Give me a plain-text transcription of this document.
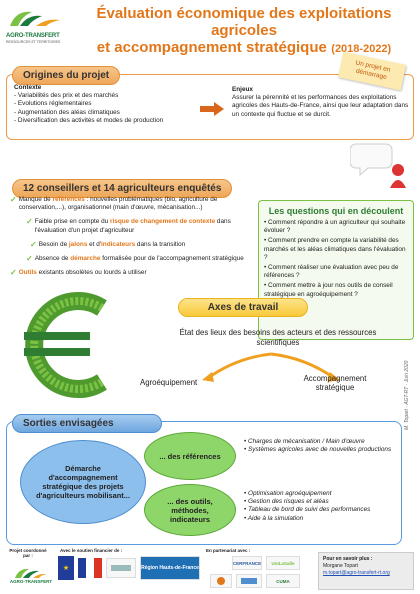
AGRO-TRANSFERT
RESSOURCES ET TERRITOIRES
Évaluation économique des exploitations agricoles
et accompagnement stratégique (2018-2022)
Origines du projet
Un projet en démarrage
Contexte
- Variabilités des prix et des marchés
- Evolutions réglementaires
- Augmentation des aléas climatiques
- Diversification des activités et modes de production
Enjeux
Assurer la pérennité et les performances des exploitations agricoles des Hauts-de-France, ainsi que leur adaptation dans un contexte qui fluctue et se durcit.
12 conseillers et 14 agriculteurs enquêtés
✓ Manque de références : nouvelles problématiques (bio, agriculture de conservation,...), organisationnel (main d'œuvre, mécanisation...)
✓ Faible prise en compte du risque de changement de contexte dans l'évaluation d'un projet d'agriculteur
✓ Besoin de jalons et d'indicateurs dans la transition
✓ Absence de démarche formalisée pour de l'accompagnement stratégique
✓ Outils existants obsolètes ou lourds à utiliser
Les questions qui en découlent
• Comment répondre à un agriculteur qui souhaite évoluer ?
• Comment prendre en compte la variabilité des marchés et les aléas climatiques dans l'évaluation ?
• Comment réaliser une évaluation avec peu de références ?
• Comment mettre à jour nos outils de conseil stratégique en agroéquipement ?
Axes de travail
État des lieux des besoins des acteurs et des ressources scientifiques
Agroéquipement	Accompagnement stratégique	M. Topart · AGT-RT · Juin 2020
Sorties envisagées
Démarche d'accompagnement stratégique des projets d'agriculteurs mobilisant...
... des références
... des outils, méthodes, indicateurs
• Charges de mécanisation / Main d'œuvre
• Systèmes agricoles avec de nouvelles productions
• Optimisation agroéquipement
• Gestion des risques et aléas
• Tableau de bord de suivi des performances
• Aide à la simulation
Projet coordonné par :
AGRO-TRANSFERT
Avec le soutien financier de :
★	Région Hauts-de-France
En partenariat avec :
CERFRANCE	UniLaSalle
CUMA
Pour en savoir plus :
Morgane Topart
m.topart@agro-transfert-rt.org
